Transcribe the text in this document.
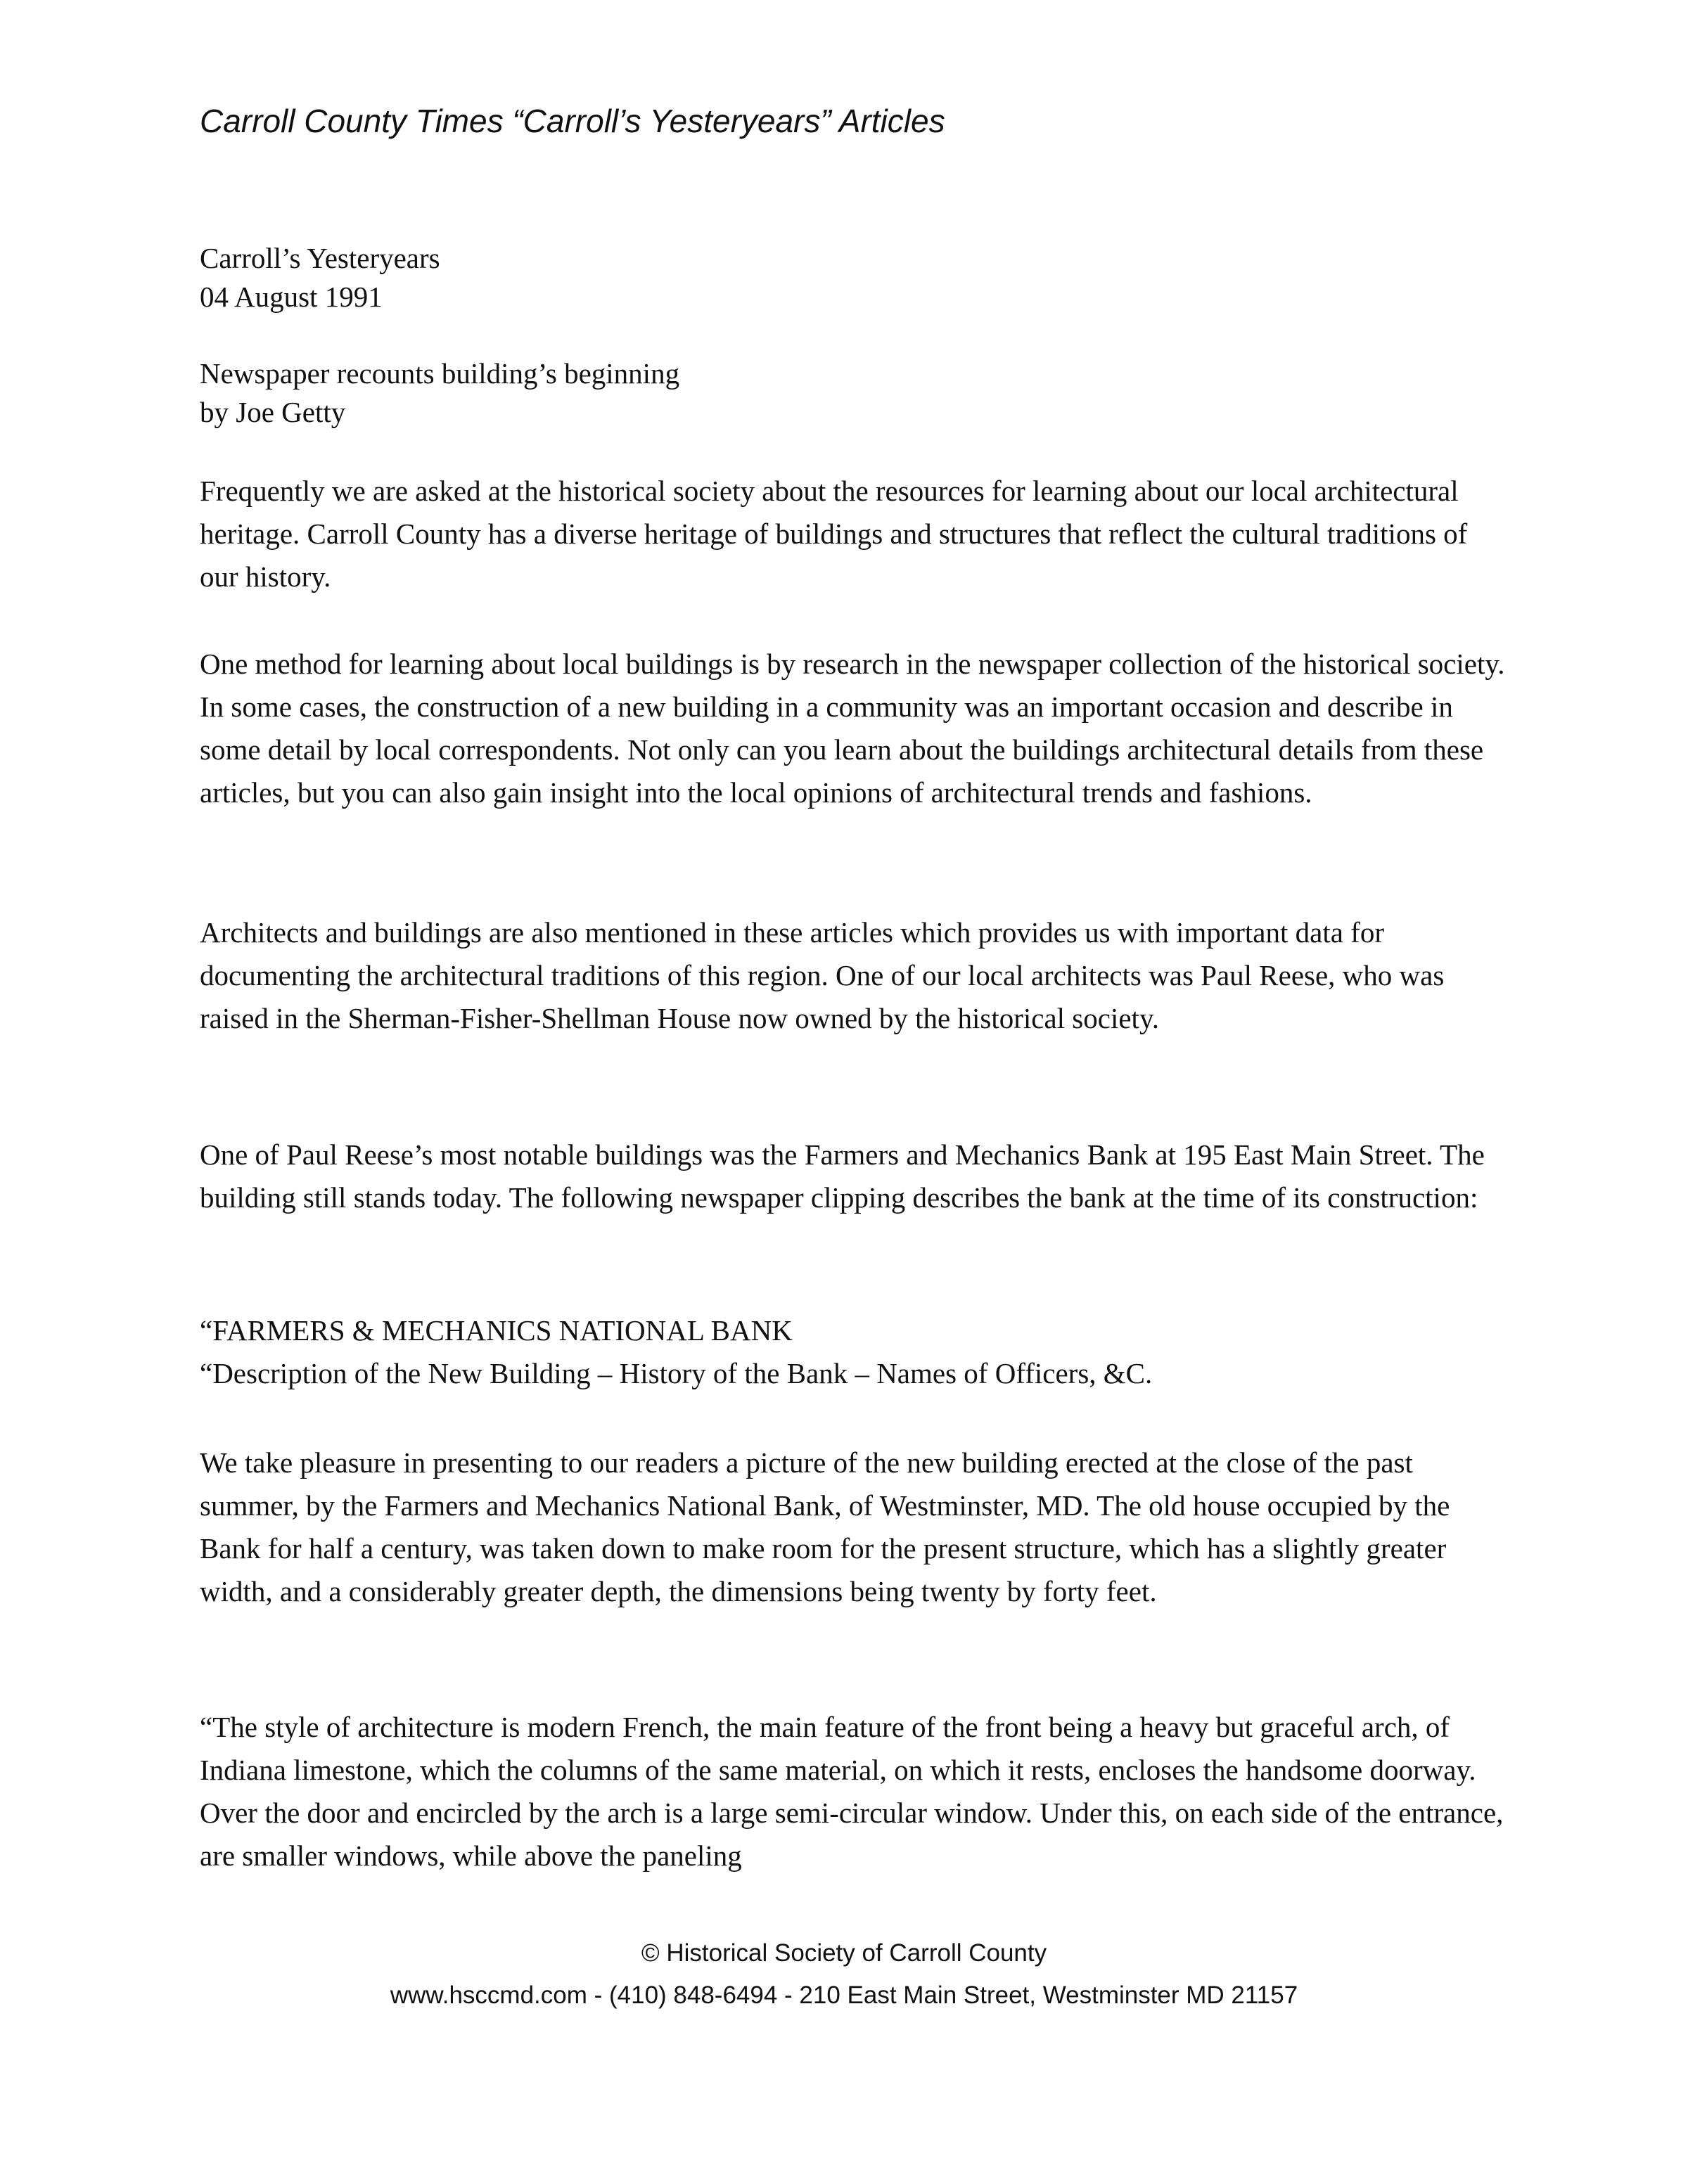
Carroll County Times “Carroll’s Yesteryears” Articles
Carroll’s Yesteryears
04 August 1991
Newspaper recounts building’s beginning
by Joe Getty

Frequently we are asked at the historical society about the resources for learning about our local architectural heritage. Carroll County has a diverse heritage of buildings and structures that reflect the cultural traditions of our history.

One method for learning about local buildings is by research in the newspaper collection of the historical society. In some cases, the construction of a new building in a community was an important occasion and describe in some detail by local correspondents. Not only can you learn about the buildings architectural details from these articles, but you can also gain insight into the local opinions of architectural trends and fashions.

Architects and buildings are also mentioned in these articles which provides us with important data for documenting the architectural traditions of this region. One of our local architects was Paul Reese, who was raised in the Sherman-Fisher-Shellman House now owned by the historical society.

One of Paul Reese’s most notable buildings was the Farmers and Mechanics Bank at 195 East Main Street. The building still stands today. The following newspaper clipping describes the bank at the time of its construction:

“FARMERS & MECHANICS NATIONAL BANK
“Description of the New Building – History of the Bank – Names of Officers, &C.

We take pleasure in presenting to our readers a picture of the new building erected at the close of the past summer, by the Farmers and Mechanics National Bank, of Westminster, MD. The old house occupied by the Bank for half a century, was taken down to make room for the present structure, which has a slightly greater width, and a considerably greater depth, the dimensions being twenty by forty feet.

“The style of architecture is modern French, the main feature of the front being a heavy but graceful arch, of Indiana limestone, which the columns of the same material, on which it rests, encloses the handsome doorway. Over the door and encircled by the arch is a large semi-circular window. Under this, on each side of the entrance, are smaller windows, while above the paneling

© Historical Society of Carroll County
www.hsccmd.com - (410) 848-6494 - 210 East Main Street, Westminster MD 21157
